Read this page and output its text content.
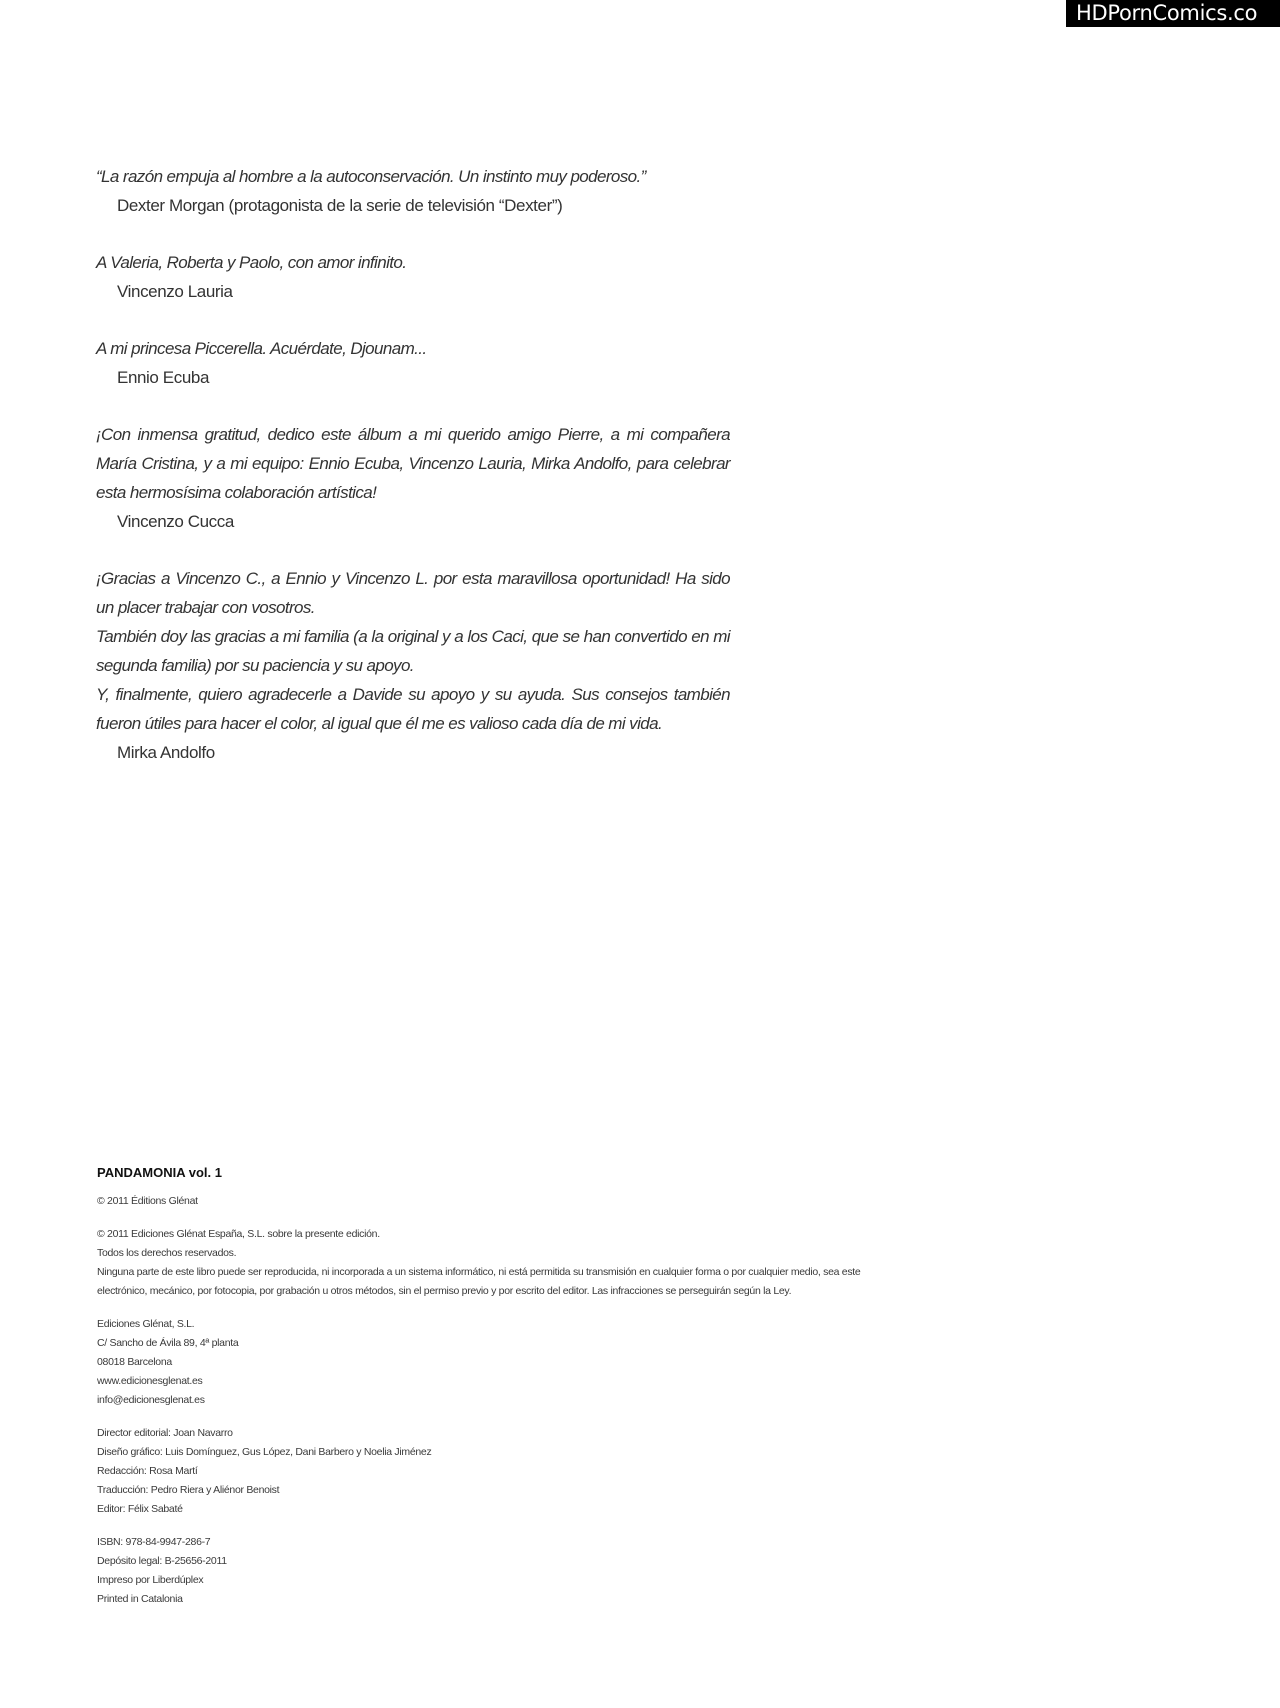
HDPornComics.co
“La razón empuja al hombre a la autoconservación. Un instinto muy poderoso.”
Dexter Morgan (protagonista de la serie de televisión “Dexter”)
A Valeria, Roberta y Paolo, con amor infinito.
Vincenzo Lauria
A mi princesa Piccerella. Acuérdate, Djounam...
Ennio Ecuba
¡Con inmensa gratitud, dedico este álbum a mi querido amigo Pierre, a mi compañera María Cristina, y a mi equipo: Ennio Ecuba, Vincenzo Lauria, Mirka Andolfo, para celebrar esta hermosísima colaboración artística!
Vincenzo Cucca
¡Gracias a Vincenzo C., a Ennio y Vincenzo L. por esta maravillosa oportunidad! Ha sido un placer trabajar con vosotros.
También doy las gracias a mi familia (a la original y a los Caci, que se han convertido en mi segunda familia) por su paciencia y su apoyo.
Y, finalmente, quiero agradecerle a Davide su apoyo y su ayuda. Sus consejos también fueron útiles para hacer el color, al igual que él me es valioso cada día de mi vida.
Mirka Andolfo
PANDAMONIA vol. 1
© 2011 Éditions Glénat
© 2011 Ediciones Glénat España, S.L. sobre la presente edición.
Todos los derechos reservados.
Ninguna parte de este libro puede ser reproducida, ni incorporada a un sistema informático, ni está permitida su transmisión en cualquier forma o por cualquier medio, sea este electrónico, mecánico, por fotocopia, por grabación u otros métodos, sin el permiso previo y por escrito del editor. Las infracciones se perseguirán según la Ley.
Ediciones Glénat, S.L.
C/ Sancho de Ávila 89, 4ª planta
08018 Barcelona
www.edicionesglenat.es
info@edicionesglenat.es
Director editorial: Joan Navarro
Diseño gráfico: Luis Domínguez, Gus López, Dani Barbero y Noelia Jiménez
Redacción: Rosa Martí
Traducción: Pedro Riera y Aliénor Benoist
Editor: Félix Sabaté
ISBN: 978-84-9947-286-7
Depósito legal: B-25656-2011
Impreso por Liberdúplex
Printed in Catalonia
